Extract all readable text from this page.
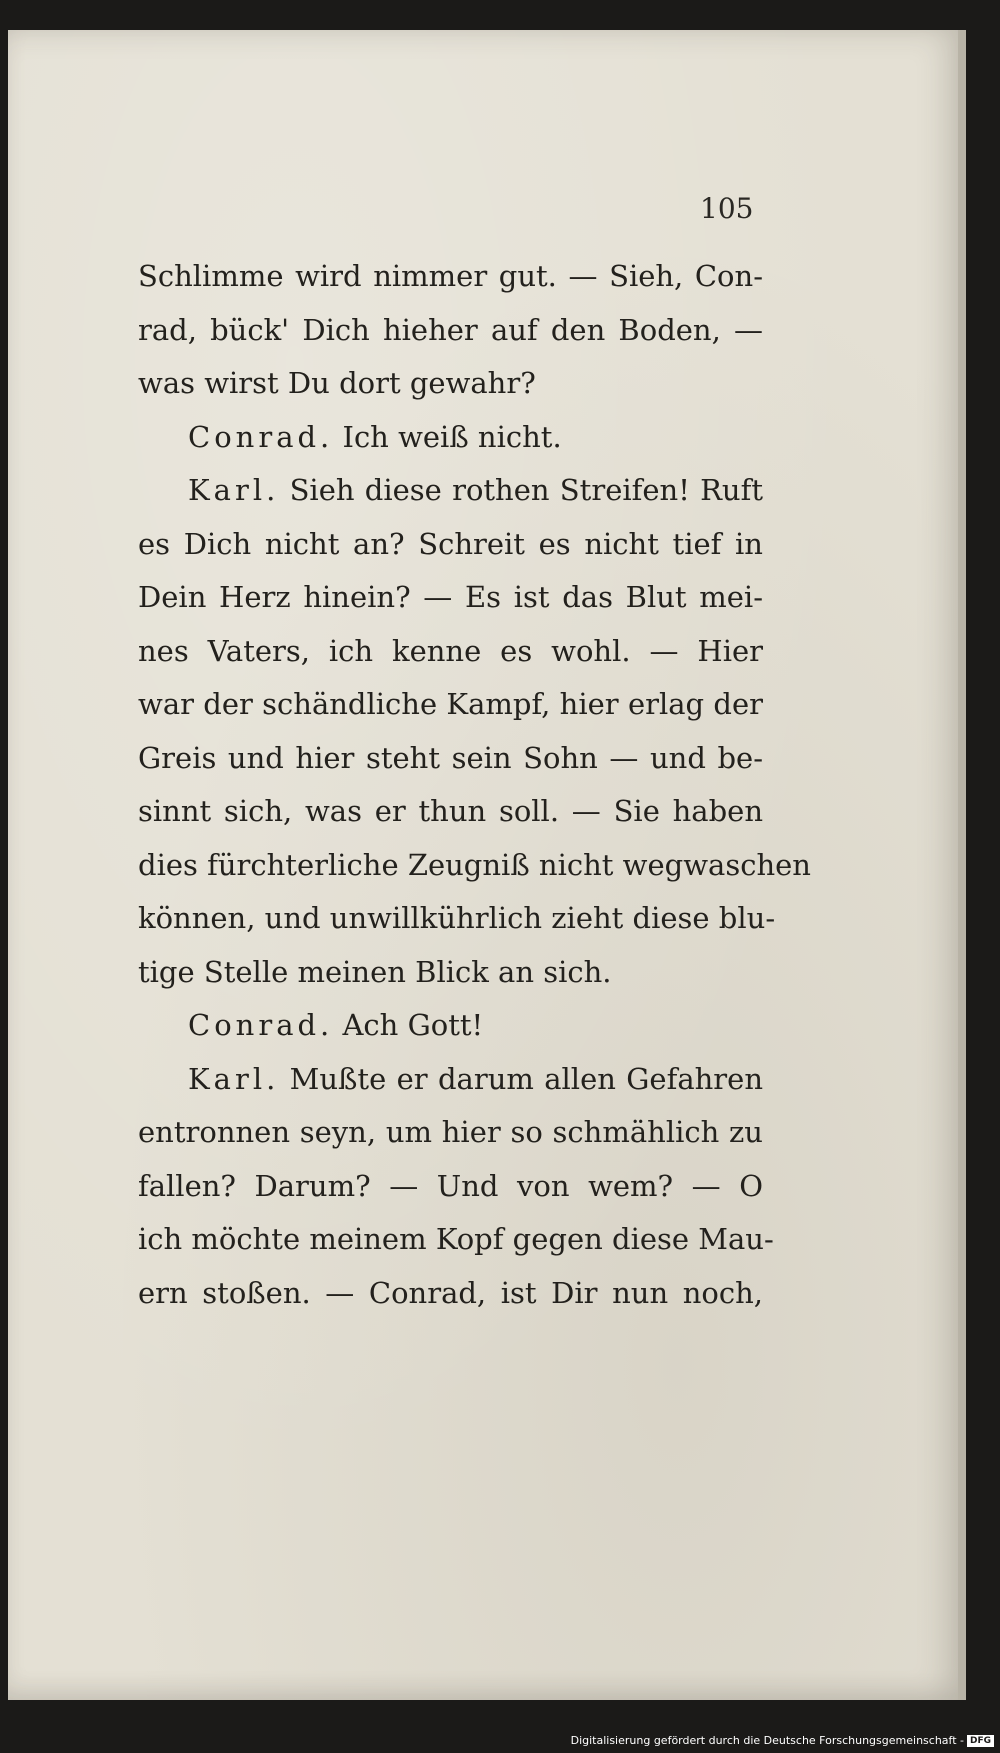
105
Schlimme wird nimmer gut. — Sieh, Con-
rad, bück' Dich hieher auf den Boden, —
was wirst Du dort gewahr?
Conrad. Ich weiß nicht.
Karl. Sieh diese rothen Streifen! Ruft
es Dich nicht an? Schreit es nicht tief in
Dein Herz hinein? — Es ist das Blut mei-
nes Vaters, ich kenne es wohl. — Hier
war der schändliche Kampf, hier erlag der
Greis und hier steht sein Sohn — und be-
sinnt sich, was er thun soll. — Sie haben
dies fürchterliche Zeugniß nicht wegwaschen
können, und unwillkührlich zieht diese blu-
tige Stelle meinen Blick an sich.
Conrad. Ach Gott!
Karl. Mußte er darum allen Gefahren
entronnen seyn, um hier so schmählich zu
fallen? Darum? — Und von wem? — O
ich möchte meinem Kopf gegen diese Mau-
ern stoßen. — Conrad, ist Dir nun noch,
Digitalisierung gefördert durch die Deutsche Forschungsgemeinschaft - DFG
